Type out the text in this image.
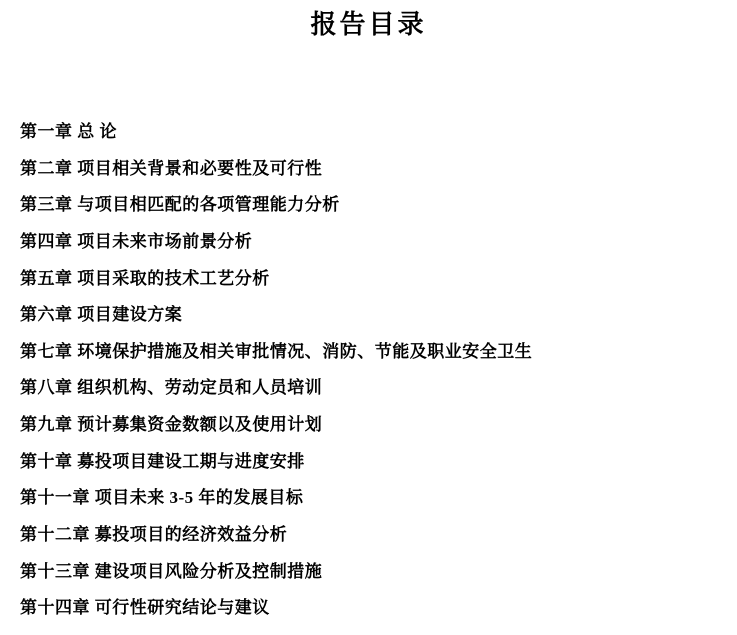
报告目录
第一章 总 论
第二章 项目相关背景和必要性及可行性
第三章 与项目相匹配的各项管理能力分析
第四章 项目未来市场前景分析
第五章 项目采取的技术工艺分析
第六章 项目建设方案
第七章 环境保护措施及相关审批情况、消防、节能及职业安全卫生
第八章 组织机构、劳动定员和人员培训
第九章 预计募集资金数额以及使用计划
第十章 募投项目建设工期与进度安排
第十一章 项目未来 3-5 年的发展目标
第十二章 募投项目的经济效益分析
第十三章 建设项目风险分析及控制措施
第十四章 可行性研究结论与建议
